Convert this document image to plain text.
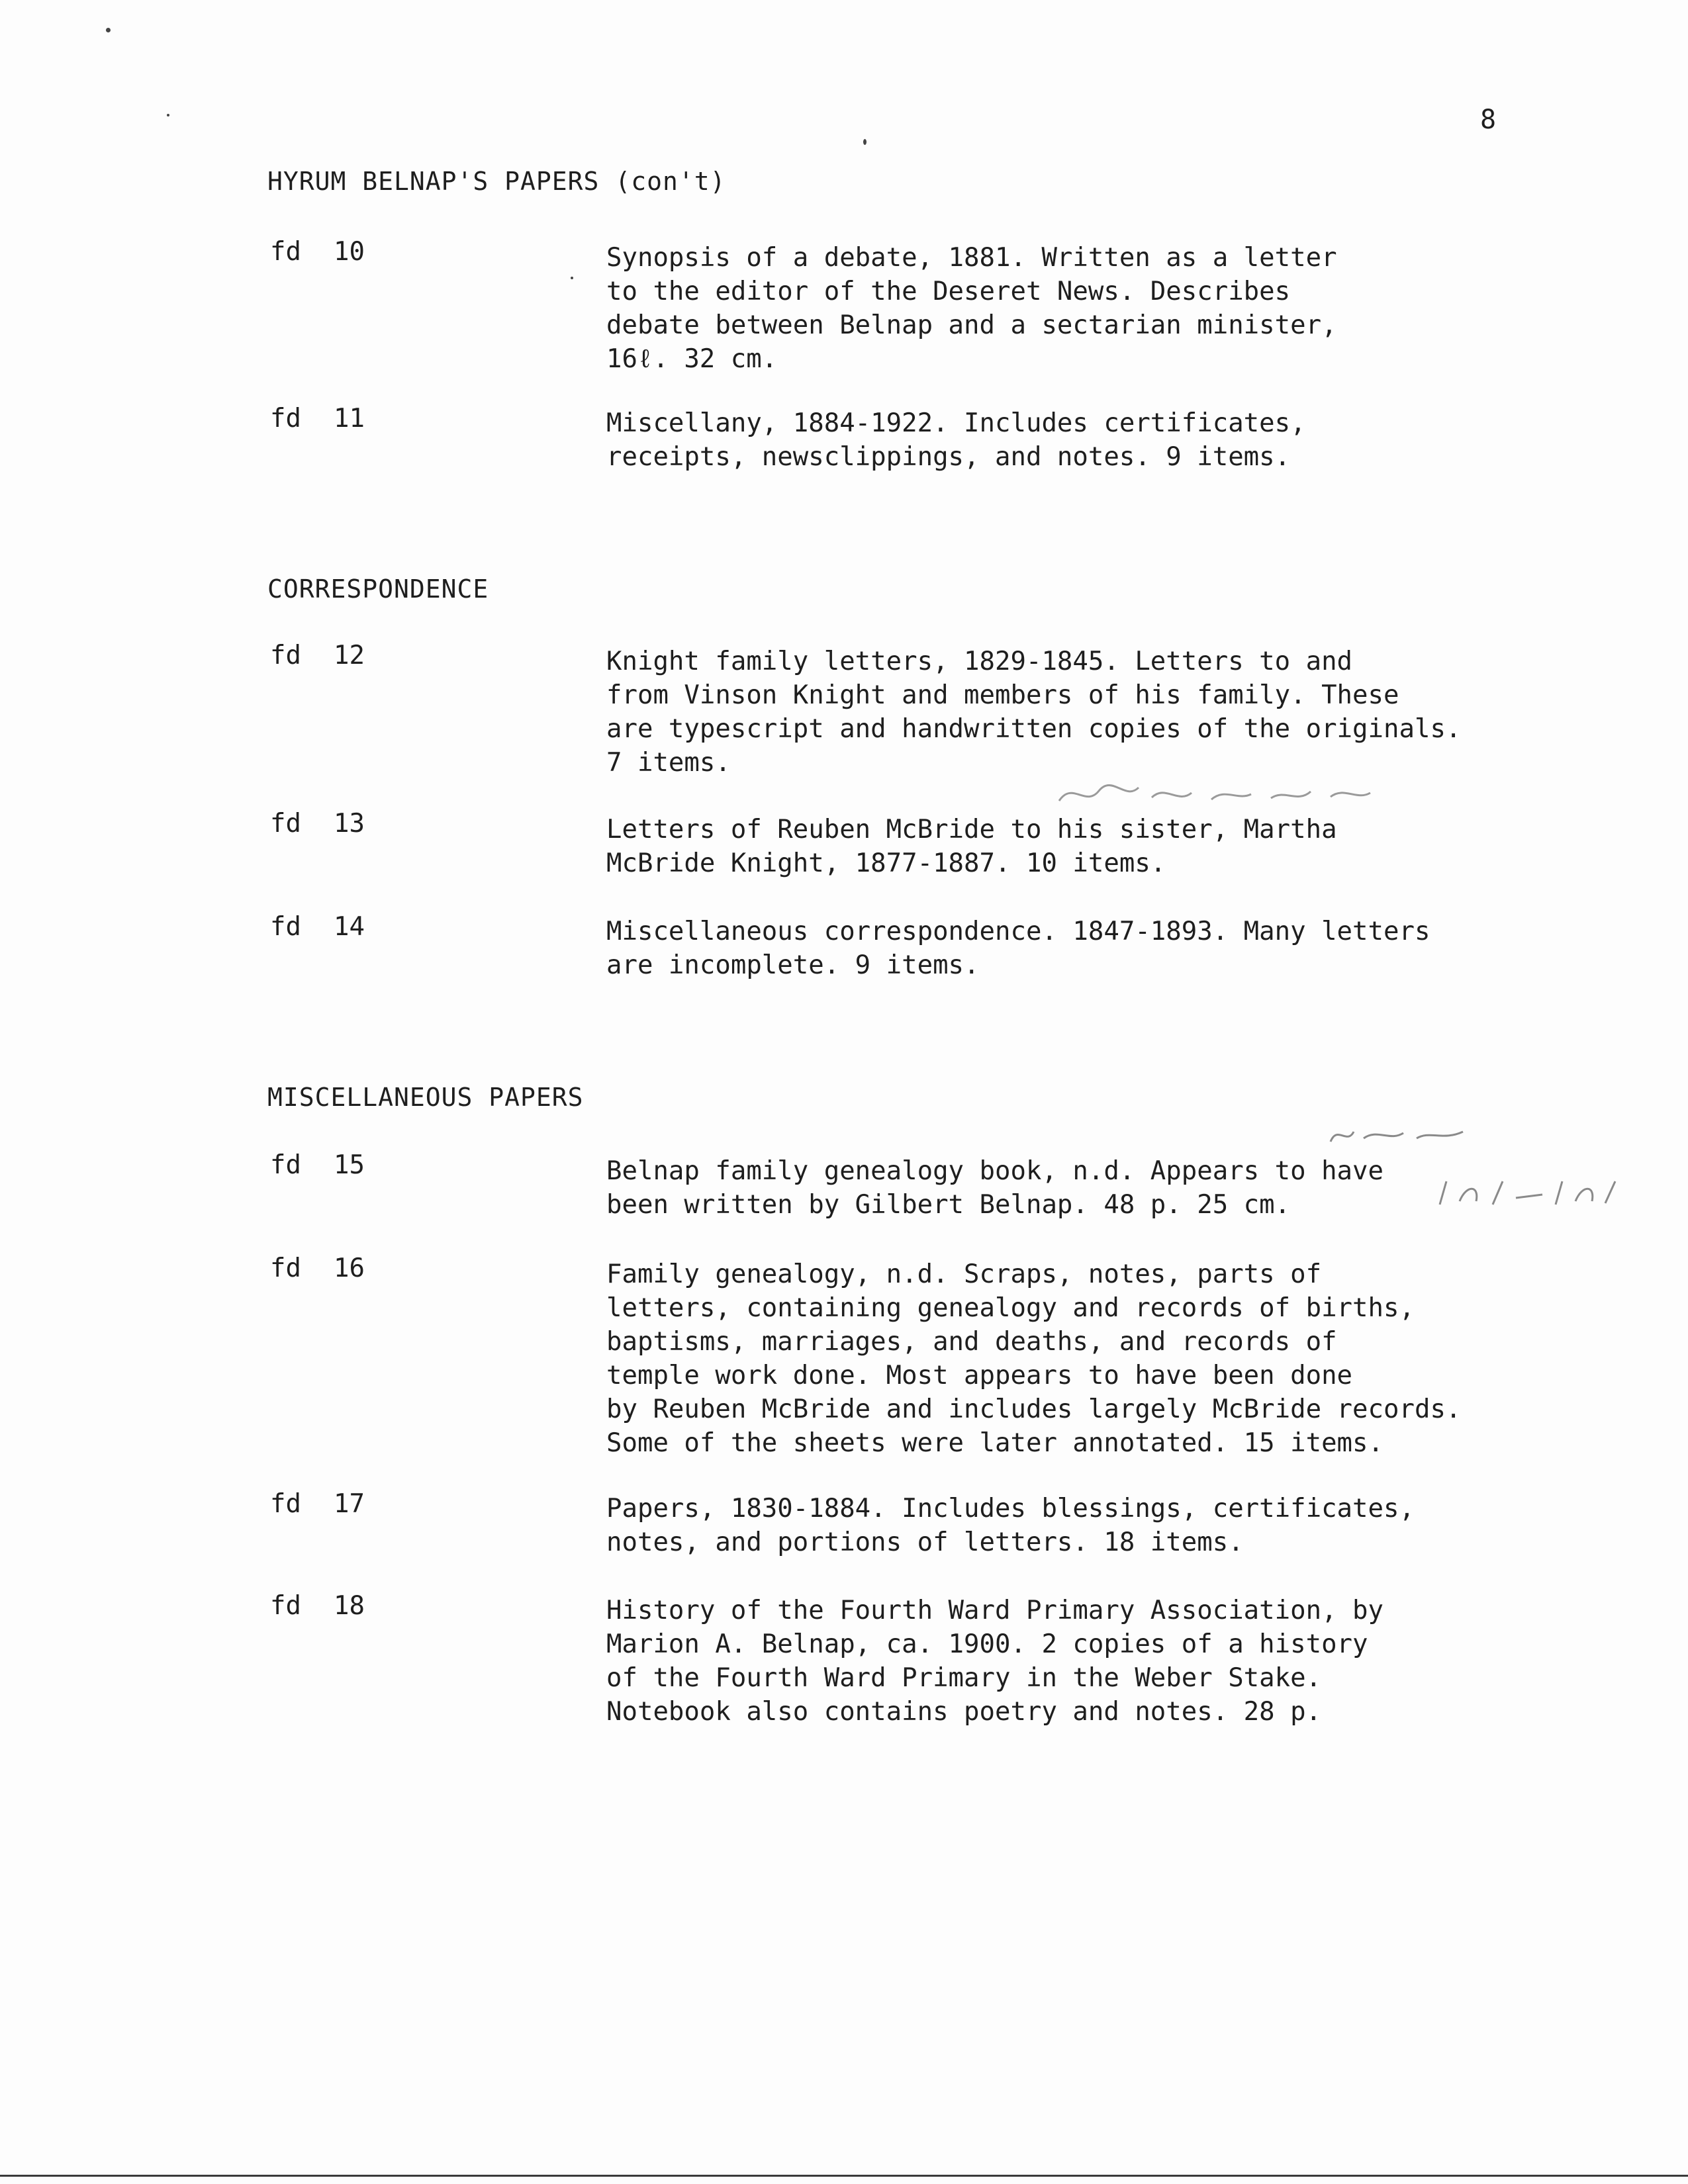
8
HYRUM BELNAP'S PAPERS (con't)
fd 10	Synopsis of a debate, 1881. Written as a letter
to the editor of the Deseret News. Describes
debate between Belnap and a sectarian minister,
16ℓ. 32 cm.
fd 11	Miscellany, 1884-1922. Includes certificates,
receipts, newsclippings, and notes. 9 items.
CORRESPONDENCE
fd 12	Knight family letters, 1829-1845. Letters to and
from Vinson Knight and members of his family. These
are typescript and handwritten copies of the originals.
7 items.
fd 13	Letters of Reuben McBride to his sister, Martha
McBride Knight, 1877-1887. 10 items.
fd 14	Miscellaneous correspondence. 1847-1893. Many letters
are incomplete. 9 items.
MISCELLANEOUS PAPERS
fd 15	Belnap family genealogy book, n.d. Appears to have
been written by Gilbert Belnap. 48 p. 25 cm.
fd 16	Family genealogy, n.d. Scraps, notes, parts of
letters, containing genealogy and records of births,
baptisms, marriages, and deaths, and records of
temple work done. Most appears to have been done
by Reuben McBride and includes largely McBride records.
Some of the sheets were later annotated. 15 items.
fd 17	Papers, 1830-1884. Includes blessings, certificates,
notes, and portions of letters. 18 items.
fd 18	History of the Fourth Ward Primary Association, by
Marion A. Belnap, ca. 1900. 2 copies of a history
of the Fourth Ward Primary in the Weber Stake.
Notebook also contains poetry and notes. 28 p.
